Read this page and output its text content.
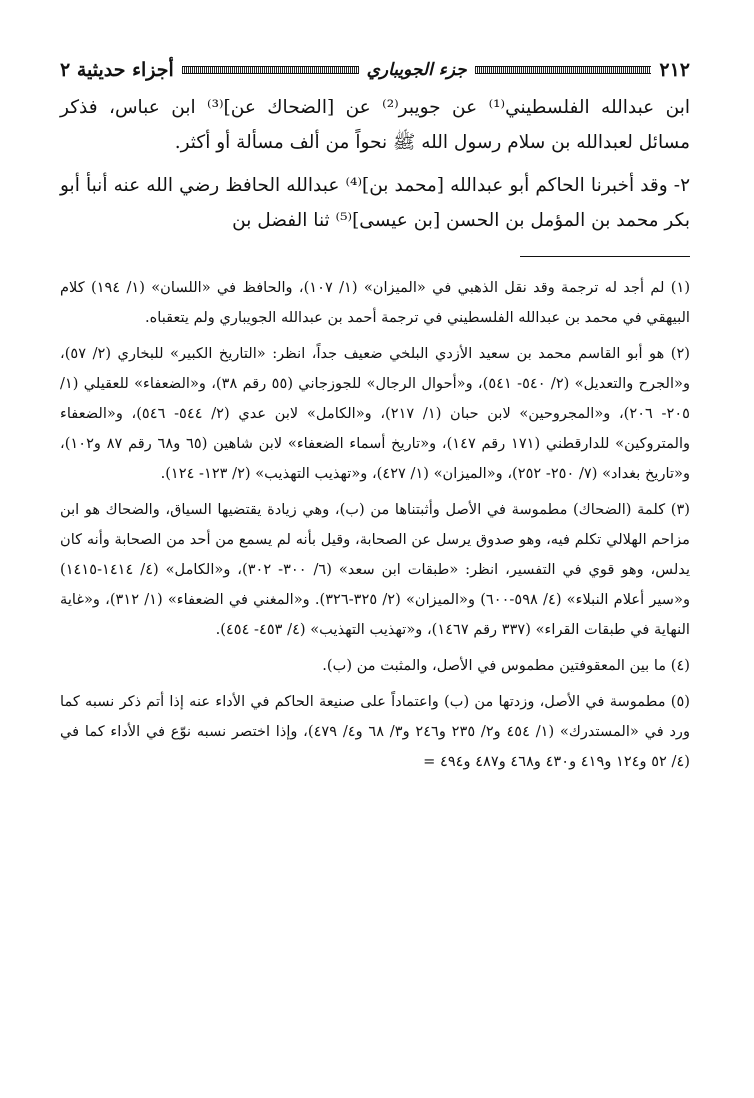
٢١٢
جزء الجويباري
أجزاء حديثية ٢

ابن عبدالله الفلسطيني⁽¹⁾ عن جويبر⁽²⁾ عن [الضحاك عن]⁽³⁾ ابن عباس، فذكر مسائل لعبدالله بن سلام رسول الله ﷺ نحواً من ألف مسألة أو أكثر.

٢- وقد أخبرنا الحاكم أبو عبدالله [محمد بن]⁽⁴⁾ عبدالله الحافظ رضي الله عنه أنبأ أبو بكر محمد بن المؤمل بن الحسن [بن عيسى]⁽⁵⁾ ثنا الفضل بن

(١) لم أجد له ترجمة وقد نقل الذهبي في «الميزان» (١/ ١٠٧)، والحافظ في «اللسان» (١/ ١٩٤) كلام البيهقي في محمد بن عبدالله الفلسطيني في ترجمة أحمد بن عبدالله الجويباري ولم يتعقباه.

(٢) هو أبو القاسم محمد بن سعيد الأزدي البلخي ضعيف جداً، انظر: «التاريخ الكبير» للبخاري (٢/ ٥٧)، و«الجرح والتعديل» (٢/ ٥٤٠- ٥٤١)، و«أحوال الرجال» للجوزجاني (٥٥ رقم ٣٨)، و«الضعفاء» للعقيلي (١/ ٢٠٥- ٢٠٦)، و«المجروحين» لابن حبان (١/ ٢١٧)، و«الكامل» لابن عدي (٢/ ٥٤٤- ٥٤٦)، و«الضعفاء والمتروكين» للدارقطني (١٧١ رقم ١٤٧)، و«تاريخ أسماء الضعفاء» لابن شاهين (٦٥ و٦٨ رقم ٨٧ و١٠٢)، و«تاريخ بغداد» (٧/ ٢٥٠- ٢٥٢)، و«الميزان» (١/ ٤٢٧)، و«تهذيب التهذيب» (٢/ ١٢٣- ١٢٤).

(٣) كلمة (الضحاك) مطموسة في الأصل وأثبتناها من (ب)، وهي زيادة يقتضيها السياق، والضحاك هو ابن مزاحم الهلالي تكلم فيه، وهو صدوق يرسل عن الصحابة، وقيل بأنه لم يسمع من أحد من الصحابة وأنه كان يدلس، وهو قوي في التفسير، انظر: «طبقات ابن سعد» (٦/ ٣٠٠- ٣٠٢)، و«الكامل» (٤/ ١٤١٤-١٤١٥) و«سير أعلام النبلاء» (٤/ ٥٩٨-٦٠٠) و«الميزان» (٢/ ٣٢٥-٣٢٦). و«المغني في الضعفاء» (١/ ٣١٢)، و«غاية النهاية في طبقات القراء» (٣٣٧ رقم ١٤٦٧)، و«تهذيب التهذيب» (٤/ ٤٥٣- ٤٥٤).

(٤) ما بين المعقوفتين مطموس في الأصل، والمثبت من (ب).

(٥) مطموسة في الأصل، وزدتها من (ب) واعتماداً على صنيعة الحاكم في الأداء عنه إذا أتم ذكر نسبه كما ورد في «المستدرك» (١/ ٤٥٤ و٢/ ٢٣٥ و٢٤٦ و٣/ ٦٨ و٤/ ٤٧٩)، وإذا اختصر نسبه نوّع في الأداء كما في (٤/ ٥٢ و١٢٤ و٤١٩ و٤٣٠ و٤٦٨ و٤٨٧ و٤٩٤ =
